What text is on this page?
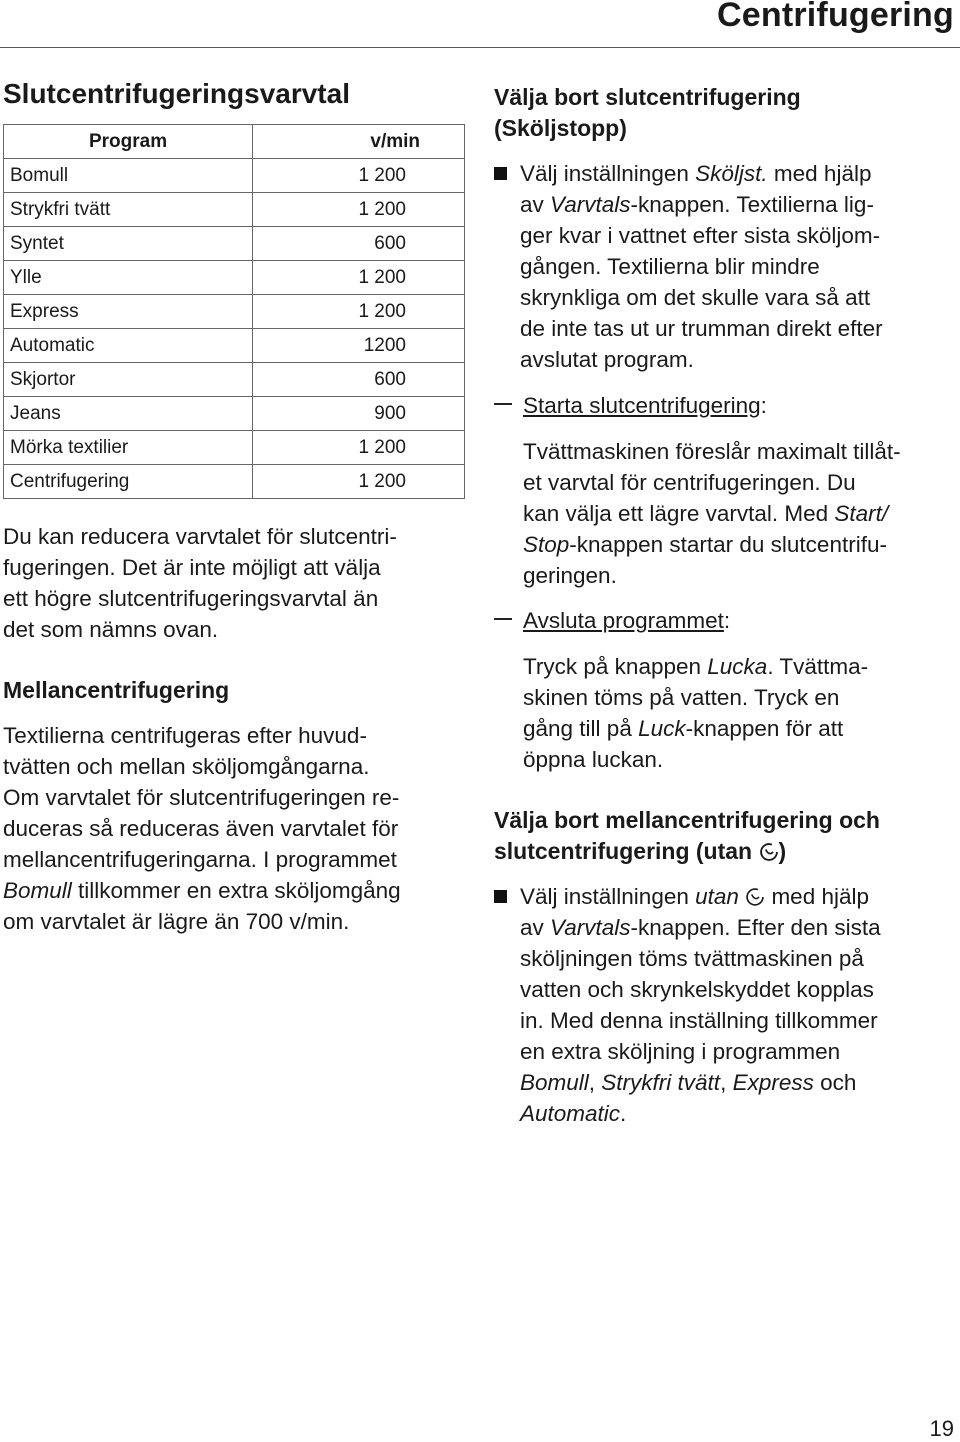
Centrifugering
Slutcentrifugeringsvarvtal
Program	v/min
Bomull	1 200
Strykfri tvätt	1 200
Syntet	600
Ylle	1 200
Express	1 200
Automatic	1200
Skjortor	600
Jeans	900
Mörka textilier	1 200
Centrifugering	1 200
Du kan reducera varvtalet för slutcentri-
fugeringen. Det är inte möjligt att välja
ett högre slutcentrifugeringsvarvtal än
det som nämns ovan.
Mellancentrifugering
Textilierna centrifugeras efter huvud-
tvätten och mellan sköljomgångarna.
Om varvtalet för slutcentrifugeringen re-
duceras så reduceras även varvtalet för
mellancentrifugeringarna. I programmet
Bomull tillkommer en extra sköljomgång
om varvtalet är lägre än 700 v/min.
Välja bort slutcentrifugering
(Sköljstopp)
Välj inställningen Sköljst. med hjälp
av Varvtals-knappen. Textilierna lig-
ger kvar i vattnet efter sista sköljom-
gången. Textilierna blir mindre
skrynkliga om det skulle vara så att
de inte tas ut ur trumman direkt efter
avslutat program.
Starta slutcentrifugering:
Tvättmaskinen föreslår maximalt tillåt-
et varvtal för centrifugeringen. Du
kan välja ett lägre varvtal. Med Start/
Stop-knappen startar du slutcentrifu-
geringen.
Avsluta programmet:
Tryck på knappen Lucka. Tvättma-
skinen töms på vatten. Tryck en
gång till på Luck-knappen för att
öppna luckan.
Välja bort mellancentrifugering och
slutcentrifugering (utan )
Välj inställningen utan  med hjälp
av Varvtals-knappen. Efter den sista
sköljningen töms tvättmaskinen på
vatten och skrynkelskyddet kopplas
in. Med denna inställning tillkommer
en extra sköljning i programmen
Bomull, Strykfri tvätt, Express och
Automatic.
19
